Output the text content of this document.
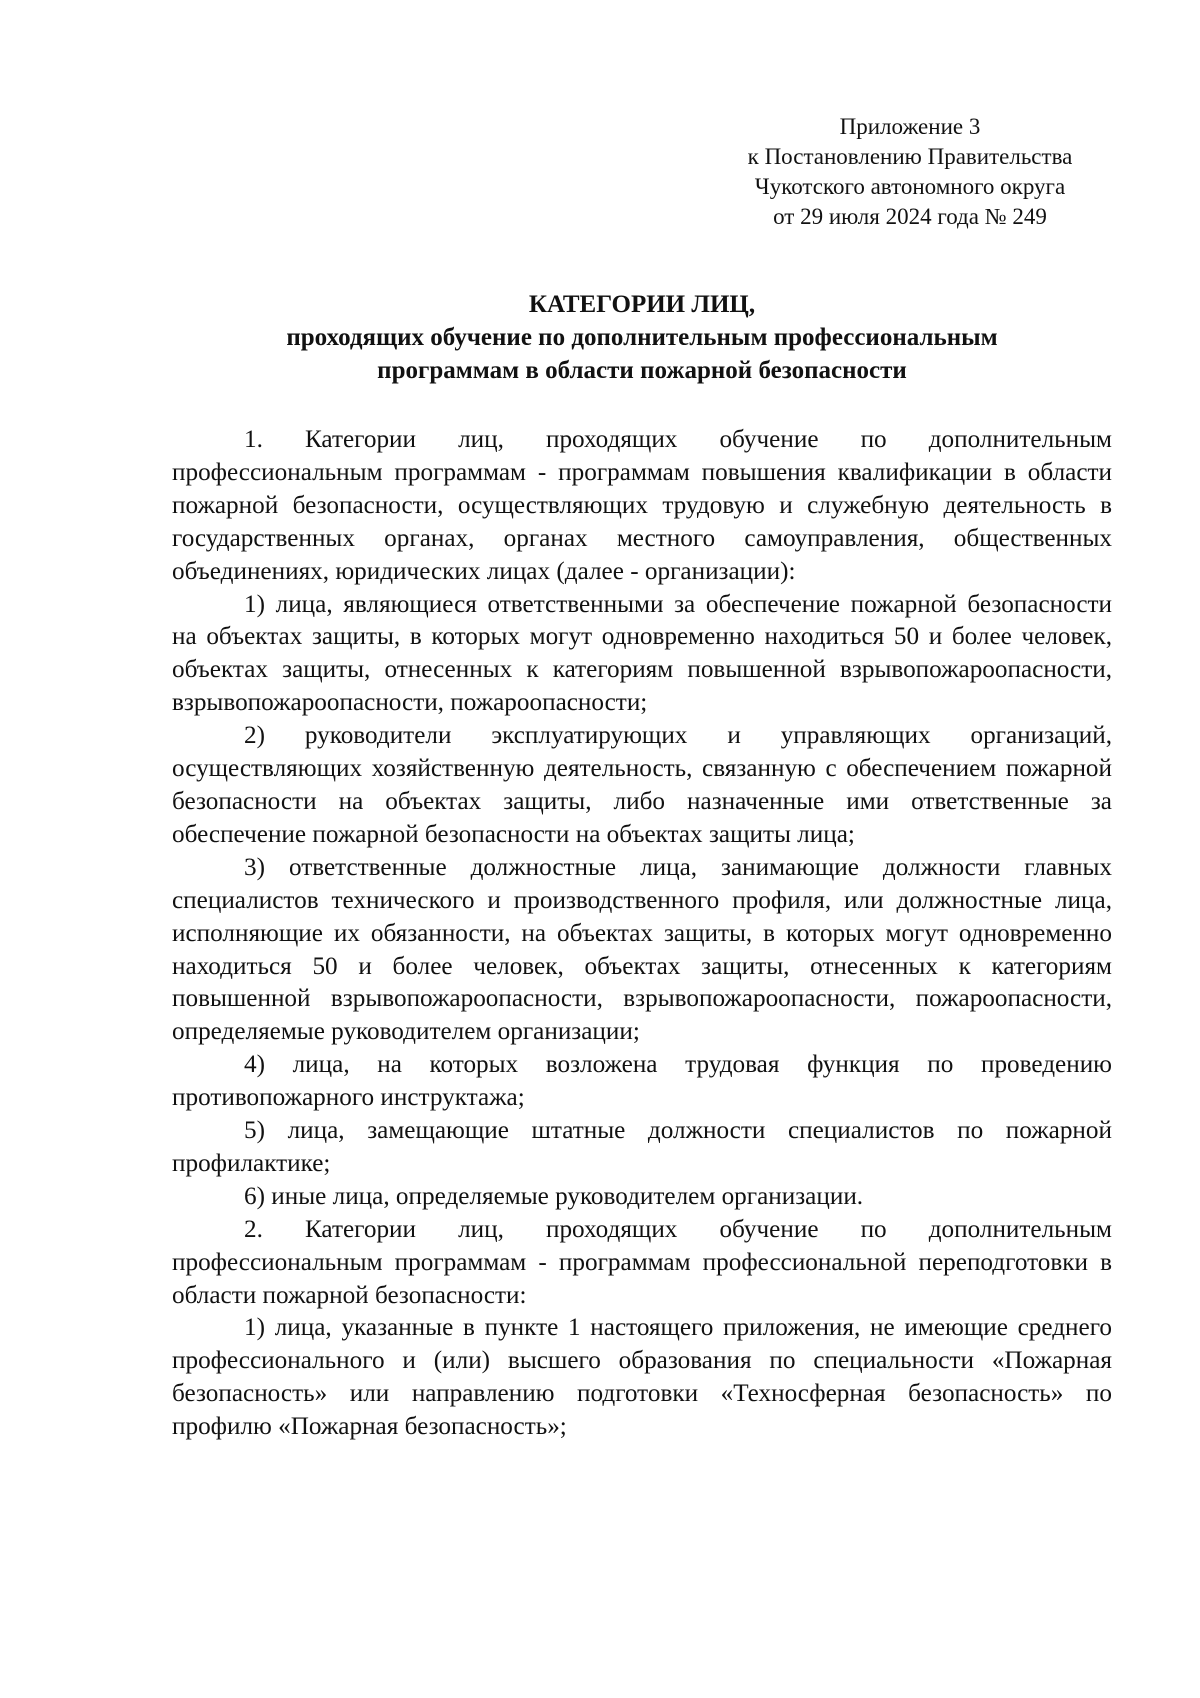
Приложение 3
к Постановлению Правительства
Чукотского автономного округа
от 29 июля 2024 года № 249
КАТЕГОРИИ ЛИЦ,
проходящих обучение по дополнительным профессиональным
программам в области пожарной безопасности

1. Категории лиц, проходящих обучение по дополнительным профессиональным программам - программам повышения квалификации в области пожарной безопасности, осуществляющих трудовую и служебную деятельность в государственных органах, органах местного самоуправления, общественных объединениях, юридических лицах (далее - организации):

1) лица, являющиеся ответственными за обеспечение пожарной безопасности на объектах защиты, в которых могут одновременно находиться 50 и более человек, объектах защиты, отнесенных к категориям повышенной взрывопожароопасности, взрывопожароопасности, пожароопасности;

2) руководители эксплуатирующих и управляющих организаций, осуществляющих хозяйственную деятельность, связанную с обеспечением пожарной безопасности на объектах защиты, либо назначенные ими ответственные за обеспечение пожарной безопасности на объектах защиты лица;

3) ответственные должностные лица, занимающие должности главных специалистов технического и производственного профиля, или должностные лица, исполняющие их обязанности, на объектах защиты, в которых могут одновременно находиться 50 и более человек, объектах защиты, отнесенных к категориям повышенной взрывопожароопасности, взрывопожароопасности, пожароопасности, определяемые руководителем организации;

4) лица, на которых возложена трудовая функция по проведению противопожарного инструктажа;

5) лица, замещающие штатные должности специалистов по пожарной профилактике;

6) иные лица, определяемые руководителем организации.

2. Категории лиц, проходящих обучение по дополнительным профессиональным программам - программам профессиональной переподготовки в области пожарной безопасности:

1) лица, указанные в пункте 1 настоящего приложения, не имеющие среднего профессионального и (или) высшего образования по специальности «Пожарная безопасность» или направлению подготовки «Техносферная безопасность» по профилю «Пожарная безопасность»;
